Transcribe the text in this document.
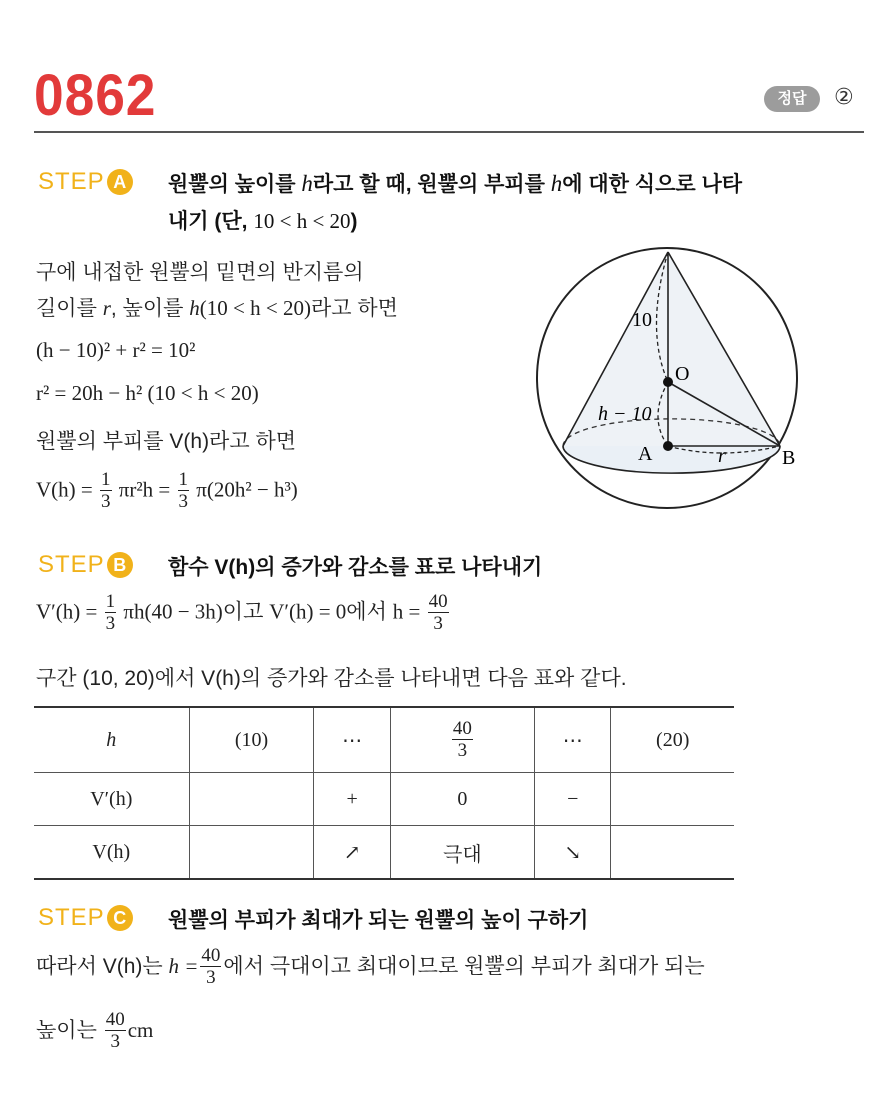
0862	정답	②
STEP A	원뿔의 높이를 h라고 할 때, 원뿔의 부피를 h에 대한 식으로 나타
내기 (단, 10 < h < 20)
구에 내접한 원뿔의 밑면의 반지름의
길이를 r, 높이를 h(10 < h < 20)라고 하면
(h − 10)² + r² = 10²
r² = 20h − h² (10 < h < 20)
원뿔의 부피를 V(h)라고 하면
$V(h) = \frac{1}{3} \pi r^2h = \frac{1}{3} \pi(20h^2 - h^3)$
10
O
h − 10
A	r	B
STEP B	함수 V(h)의 증가와 감소를 표로 나타내기
$V'(h) = \frac{1}{3} \pi h(40 - 3h)$이고 V′(h) = 0에서 $h = \frac{40}{3}$
구간 (10, 20)에서 V(h)의 증가와 감소를 나타내면 다음 표와 같다.
h	(10)	⋯	$\frac{40}{3}$	⋯	(20)
V′(h)		+	0	−	
V(h)		↗	극대	↘	
STEP C	원뿔의 부피가 최대가 되는 원뿔의 높이 구하기
따라서 V(h)는 $h = \frac{40}{3}$ 에서 극대이고 최대이므로 원뿔의 부피가 최대가 되는
높이는 $\frac{40}{3}$ cm
